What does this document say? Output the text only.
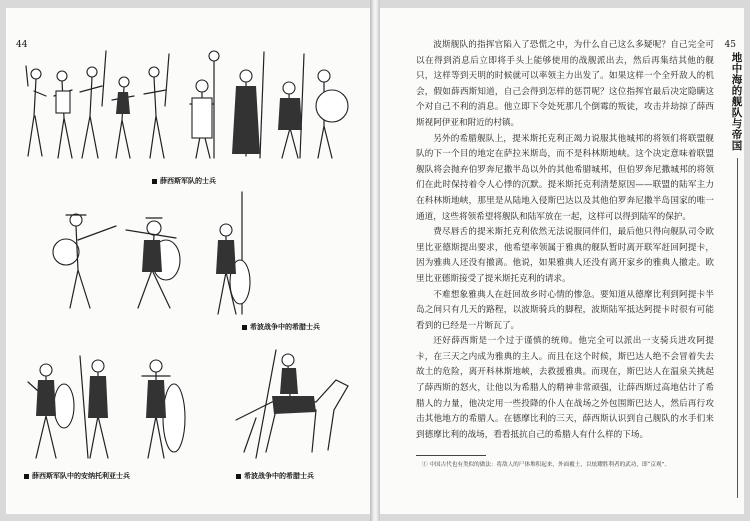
44
薛西斯军队的士兵
希波战争中的希腊士兵
薛西斯军队中的安纳托利亚士兵	希波战争中的希腊士兵
45
地中海的舰队与帝国

波斯舰队的指挥官陷入了恐慌之中，为什么自己这么多疑呢？自己完全可以在得到消息后立即将手头上能够使用的战舰派出去，然后再集结其他的舰只，这样等到天明的时候就可以率领主力出发了。如果这样一个全歼敌人的机会，假如薛西斯知道，自己会得到怎样的惩罚呢？这位指挥官最后决定隐瞒这个对自己不利的消息。他立即下令处死那几个倒霉的叛徒，攻击并劫掠了薛西斯视阿伊亚和附近的村镇。

另外的希腊舰队上，提米斯托克利正竭力说服其他城邦的将领们将联盟舰队的下一个目的地定在萨拉米斯岛，而不是科林斯地峡。这个决定意味着联盟舰队将会抛弃伯罗奔尼撒半岛以外的其他希腊城邦，但伯罗奔尼撒城邦的将领们在此时保持着令人心悸的沉默。提米斯托克利清楚原因——联盟的陆军主力在科林斯地峡，那里是从陆地入侵斯巴达以及其他伯罗奔尼撒半岛国家的唯一通道，这些将领希望将舰队和陆军放在一起，这样可以得到陆军的保护。

费尽唇舌的提米斯托克利依然无法说服同伴们，最后他只得向舰队司令欧里比亚德斯提出要求，他希望率领属于雅典的舰队暂时离开联军赶回阿提卡，因为雅典人还没有撤离。他说，如果雅典人还没有离开家乡的雅典人撤走。欧里比亚德斯接受了提米斯托克利的请求。

不难想象雅典人在赶回故乡时心情的惨急。要知道从德摩比利到阿提卡半岛之间只有几天的路程，以波斯骑兵的脚程，波斯陆军抵达阿提卡时很有可能看到的已经是一片断瓦了。

还好薛西斯是一个过于谨慎的统帅。他完全可以派出一支骑兵进攻阿提卡，在三天之内成为雅典的主人。而且在这个时候，斯巴达人绝不会冒着失去故土的危险，离开科林斯地峡，去救援雅典。而现在，斯巴达人在温泉关挑起了薛西斯的怒火，让他以为希腊人的精神非常顽强，让薛西斯过高地估计了希腊人的力量，他决定用一些投降的仆人在战场之外包围斯巴达人，然后再行攻击其他地方的希腊人。在德摩比利的三天，薛西斯认识到自己舰队的水手们来到德摩比利的战场，看看抵抗自己的希腊人有什么样的下场。

① 中国古代也有类似的做法：将敌人的尸体堆积起来，外面覆土，以炫耀胜利者的武功，即“京观”。
